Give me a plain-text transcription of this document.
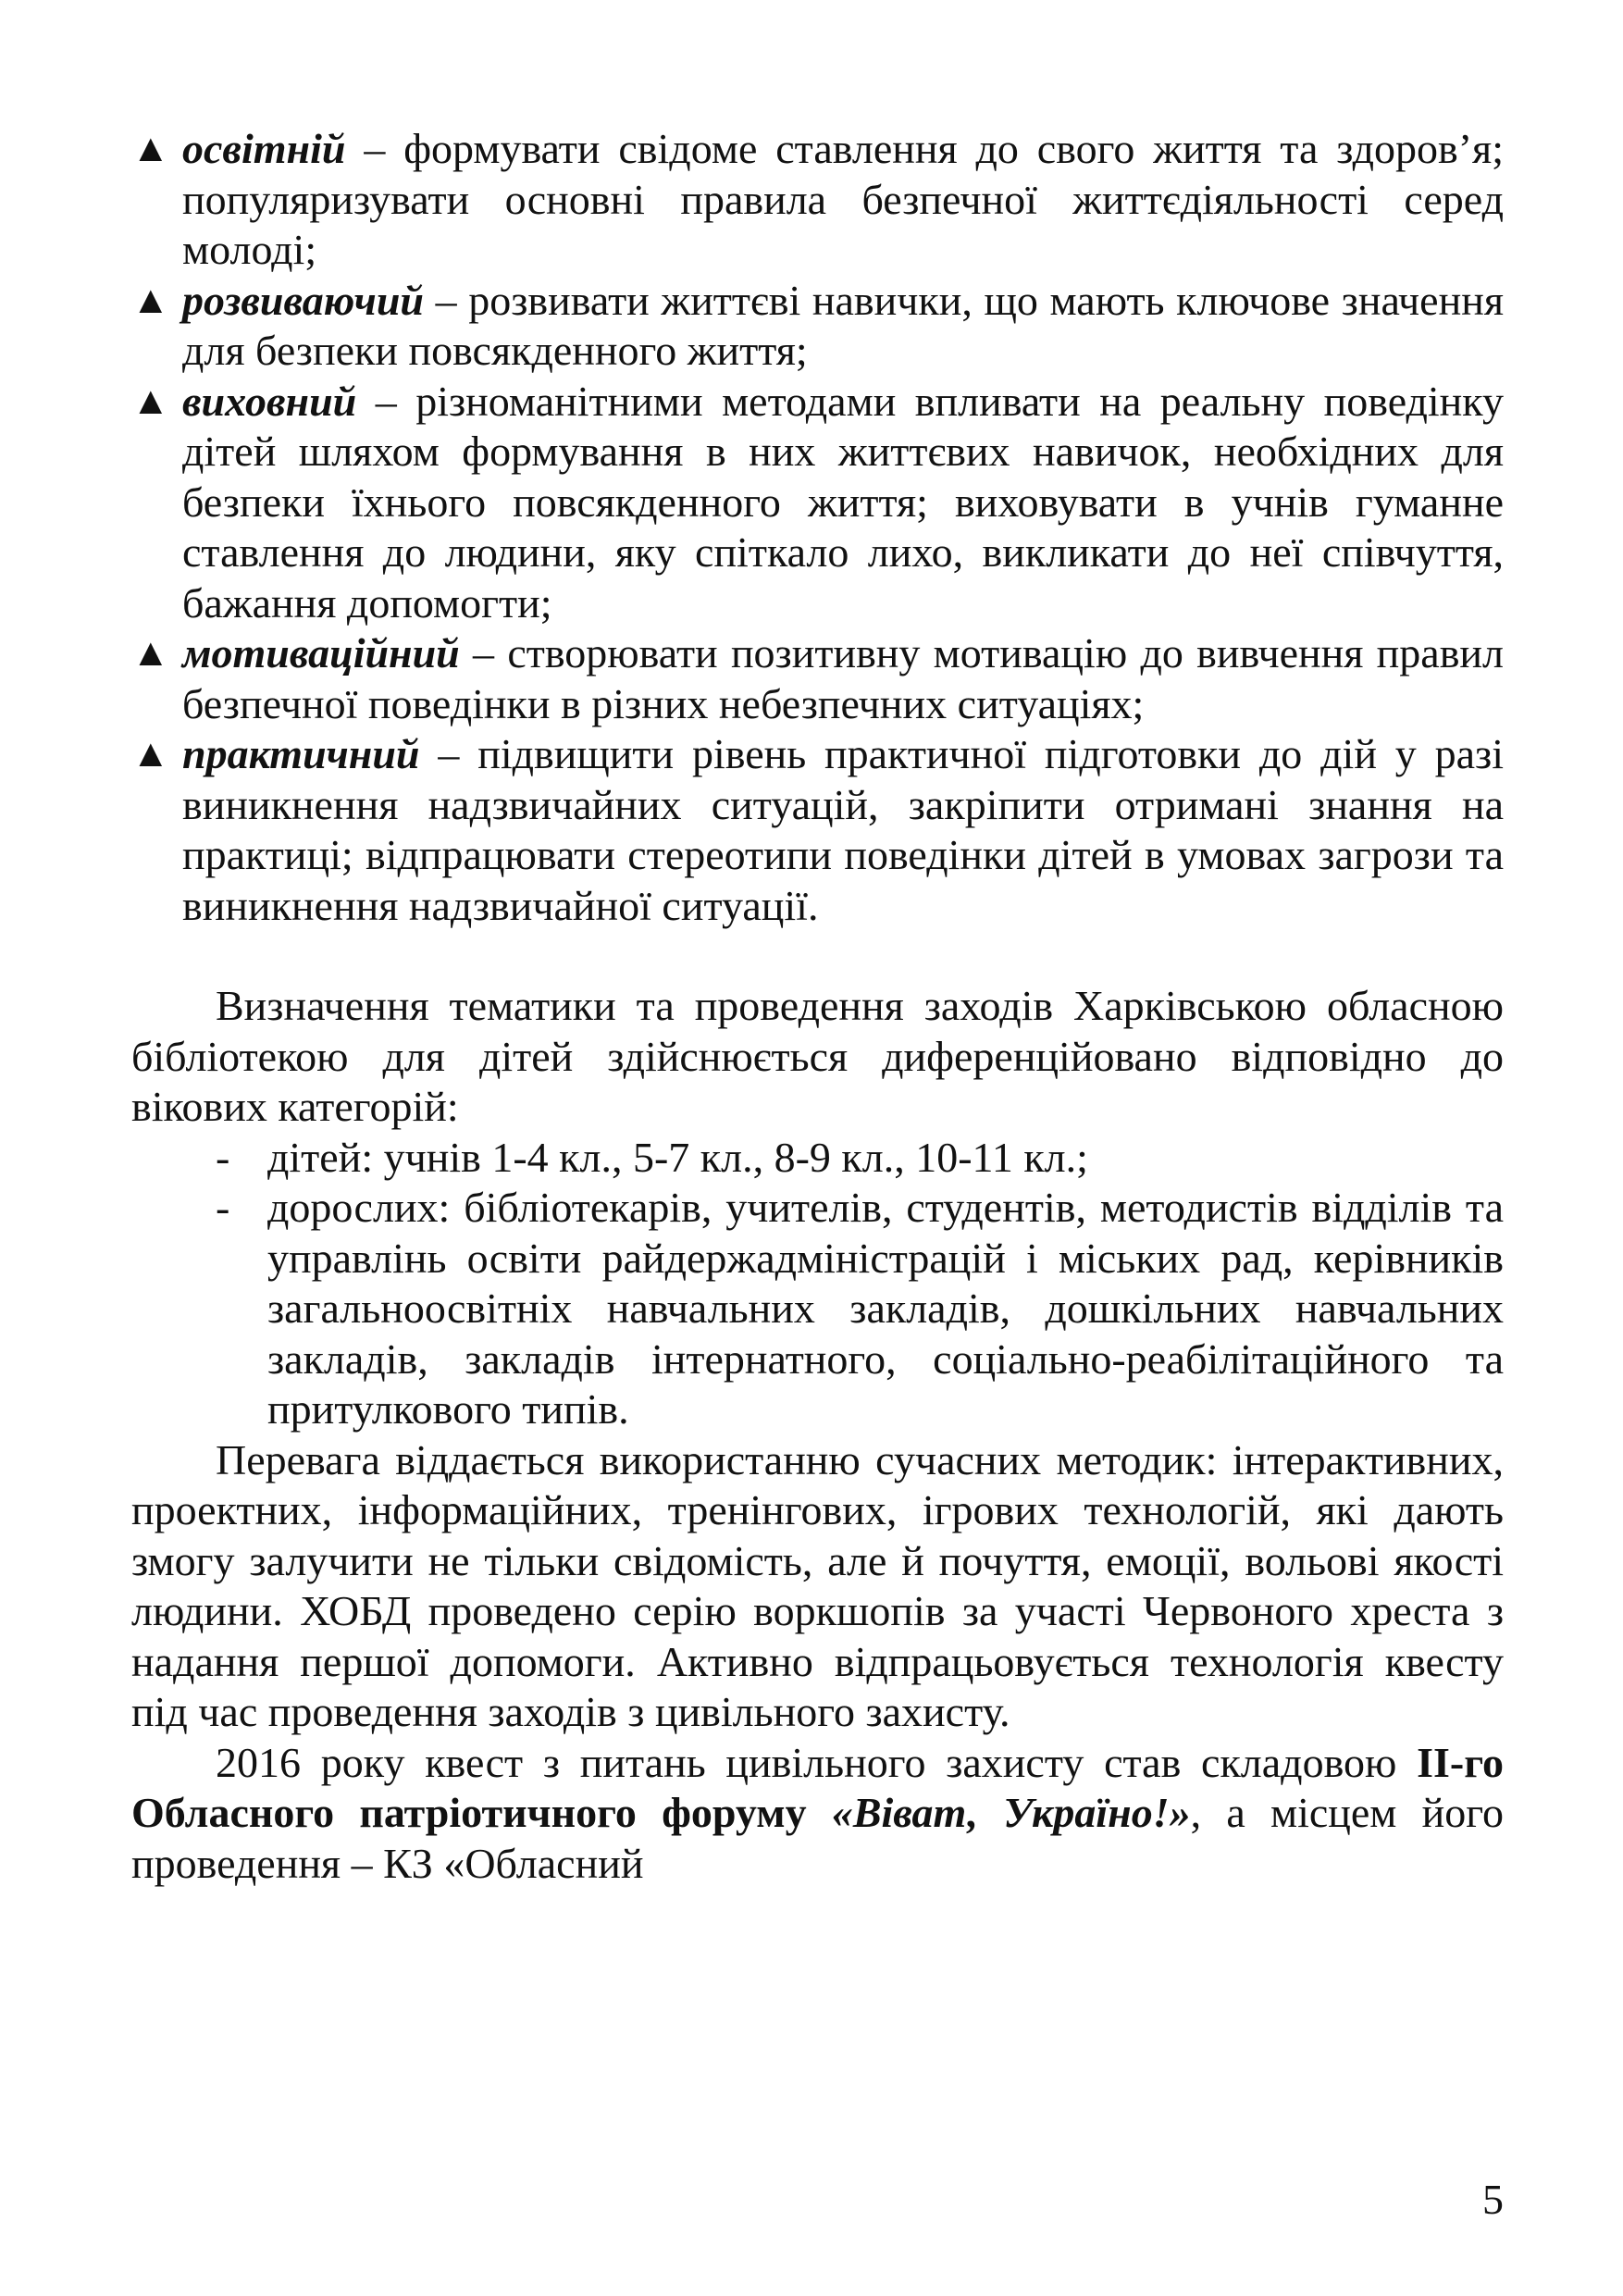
▲ освітній – формувати свідоме ставлення до свого життя та здоров’я; популяризувати основні правила безпечної життєдіяльності серед молоді;
▲ розвиваючий – розвивати життєві навички, що мають ключове значення для безпеки повсякденного життя;
▲ виховний – різноманітними методами впливати на реальну поведінку дітей шляхом формування в них життєвих навичок, необхідних для безпеки їхнього повсякденного життя; виховувати в учнів гуманне ставлення до людини, яку спіткало лихо, викликати до неї співчуття, бажання допомогти;
▲ мотиваційний – створювати позитивну мотивацію до вивчення правил безпечної поведінки в різних небезпечних ситуаціях;
▲ практичний – підвищити рівень практичної підготовки до дій у разі виникнення надзвичайних ситуацій, закріпити отримані знання на практиці; відпрацювати стереотипи поведінки дітей в умовах загрози та виникнення надзвичайної ситуації.

Визначення тематики та проведення заходів Харківською обласною бібліотекою для дітей здійснюється диференційовано відповідно до вікових категорій:

- дітей: учнів 1-4 кл., 5-7 кл., 8-9 кл., 10-11 кл.;
- дорослих: бібліотекарів, учителів, студентів, методистів відділів та управлінь освіти райдержадміністрацій і міських рад, керівників загальноосвітніх навчальних закладів, дошкільних навчальних закладів, закладів інтернатного, соціально-реабілітаційного та притулкового типів.

Перевага віддається використанню сучасних методик: інтерактивних, проектних, інформаційних, тренінгових, ігрових технологій, які дають змогу залучити не тільки свідомість, але й почуття, емоції, вольові якості людини. ХОБД проведено серію воркшопів за участі Червоного хреста з надання першої допомоги. Активно відпрацьовується технологія квесту під час проведення заходів з цивільного захисту.

2016 року квест з питань цивільного захисту став складовою ІІ-го Обласного патріотичного форуму «Віват, Україно!», а місцем його проведення – КЗ «Обласний

5
